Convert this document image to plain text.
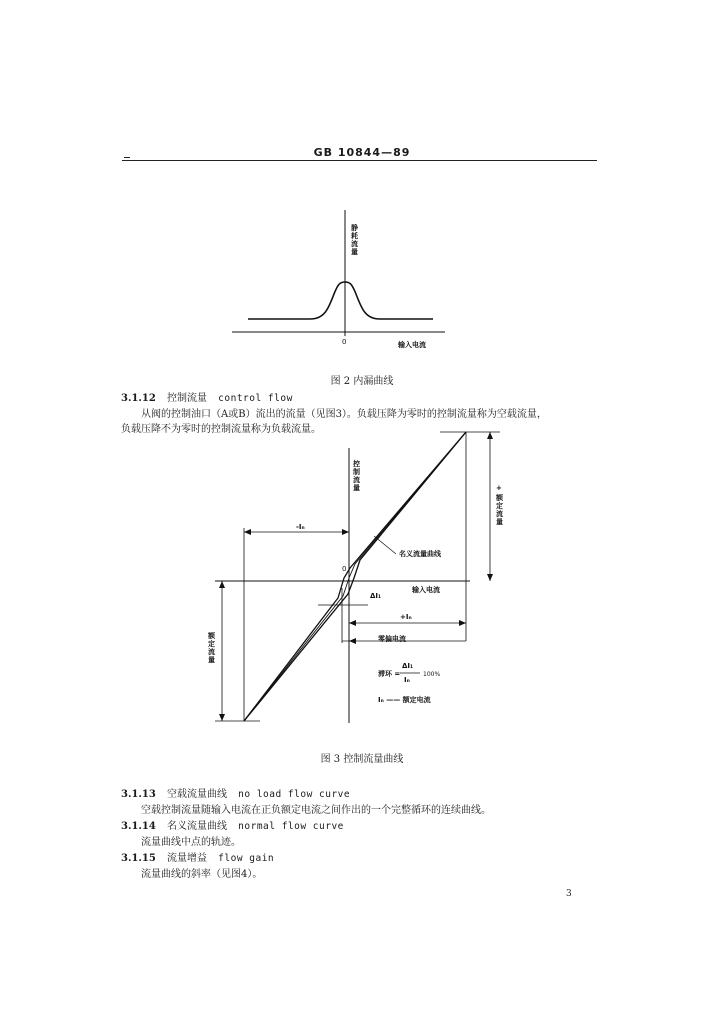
GB 10844—89
静
耗
流
量
0	输入电流
图 2 内漏曲线
3.1.12 控制流量 control flow
从阀的控制油口（A或B）流出的流量（见图3）。负载压降为零时的控制流量称为空载流量，
负载压降不为零时的控制流量称为负载流量。
控
制
流
量	+
额
定
流
量
额
定
流
量
-Iₙ
+Iₙ
0
名义流量曲线
输入电流
ΔI₁
零偏电流
滞环 =
ΔI₁
Iₙ
100%
Iₙ —— 额定电流
图 3 控制流量曲线
3.1.13 空载流量曲线 no load flow curve
空载控制流量随输入电流在正负额定电流之间作出的一个完整循环的连续曲线。
3.1.14 名义流量曲线 normal flow curve
流量曲线中点的轨迹。
3.1.15 流量增益 flow gain
流量曲线的斜率（见图4）。
3
